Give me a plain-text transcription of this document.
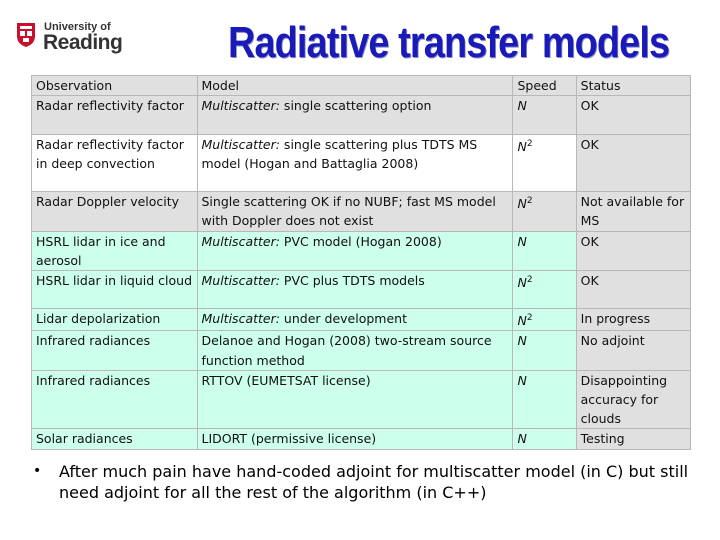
University of
Reading Radiative transfer models
Observation	Model	Speed	Status
Radar reflectivity factor	Multiscatter: single scattering option	N	OK
Radar reflectivity factor in deep convection	Multiscatter: single scattering plus TDTS MS model (Hogan and Battaglia 2008)	$N^2$	OK
Radar Doppler velocity	Single scattering OK if no NUBF; fast MS model with Doppler does not exist	$N^2$	Not available for MS
HSRL lidar in ice and aerosol	Multiscatter: PVC model (Hogan 2008)	N	OK
HSRL lidar in liquid cloud	Multiscatter: PVC plus TDTS models	$N^2$	OK
Lidar depolarization	Multiscatter: under development	$N^2$	In progress
Infrared radiances	Delanoe and Hogan (2008) two-stream source function method	N	No adjoint
Infrared radiances	RTTOV (EUMETSAT license)	N	Disappointing accuracy for clouds
Solar radiances	LIDORT (permissive license)	N	Testing
• After much pain have hand-coded adjoint for multiscatter model (in C) but still need adjoint for all the rest of the algorithm (in C++)
